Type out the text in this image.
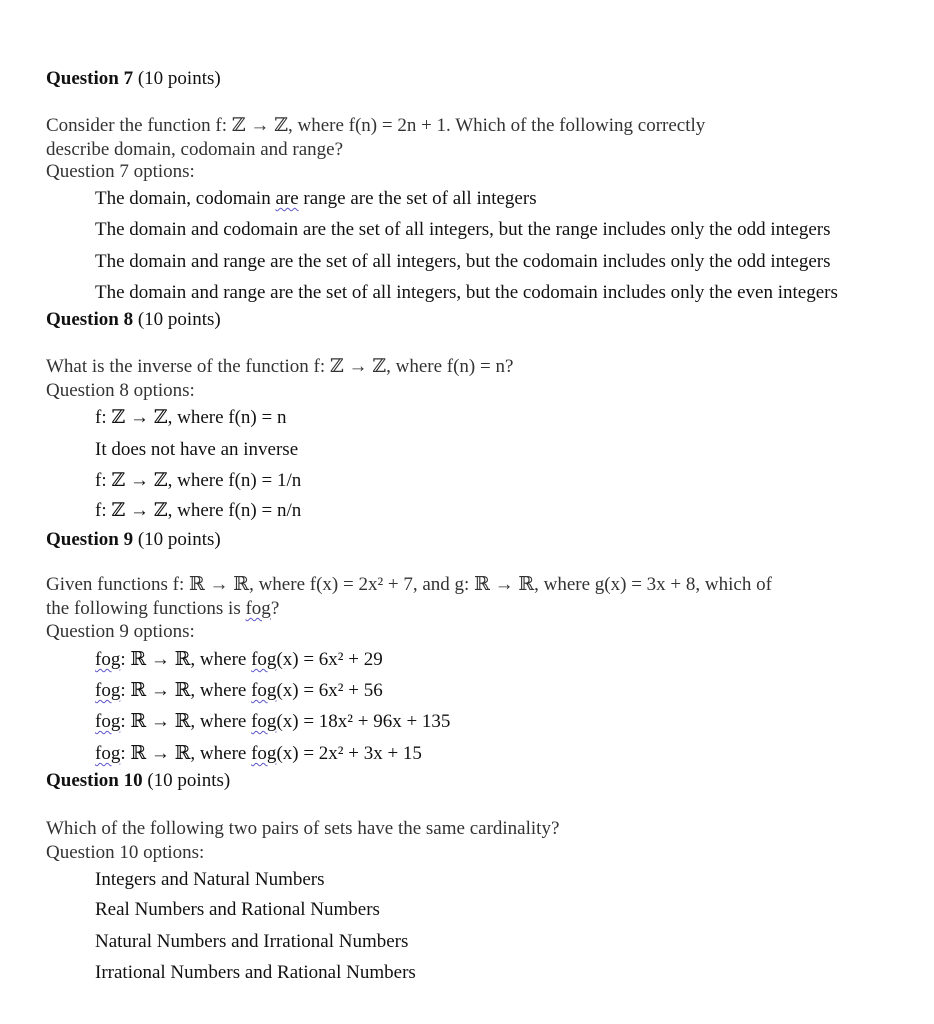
Question 7 (10 points)
Consider the function f: ℤ → ℤ, where f(n) = 2n + 1. Which of the following correctly
describe domain, codomain and range?
Question 7 options:
The domain, codomain are range are the set of all integers
The domain and codomain are the set of all integers, but the range includes only the odd integers
The domain and range are the set of all integers, but the codomain includes only the odd integers
The domain and range are the set of all integers, but the codomain includes only the even integers
Question 8 (10 points)
What is the inverse of the function f: ℤ → ℤ, where f(n) = n?
Question 8 options:
f: ℤ → ℤ, where f(n) = n
It does not have an inverse
f: ℤ → ℤ, where f(n) = 1/n
f: ℤ → ℤ, where f(n) = n/n
Question 9 (10 points)
Given functions f: ℝ → ℝ, where f(x) = 2x² + 7, and g: ℝ → ℝ, where g(x) = 3x + 8, which of
the following functions is fog?
Question 9 options:
fog: ℝ → ℝ, where fog(x) = 6x² + 29
fog: ℝ → ℝ, where fog(x) = 6x² + 56
fog: ℝ → ℝ, where fog(x) = 18x² + 96x + 135
fog: ℝ → ℝ, where fog(x) = 2x² + 3x + 15
Question 10 (10 points)
Which of the following two pairs of sets have the same cardinality?
Question 10 options:
Integers and Natural Numbers
Real Numbers and Rational Numbers
Natural Numbers and Irrational Numbers
Irrational Numbers and Rational Numbers
